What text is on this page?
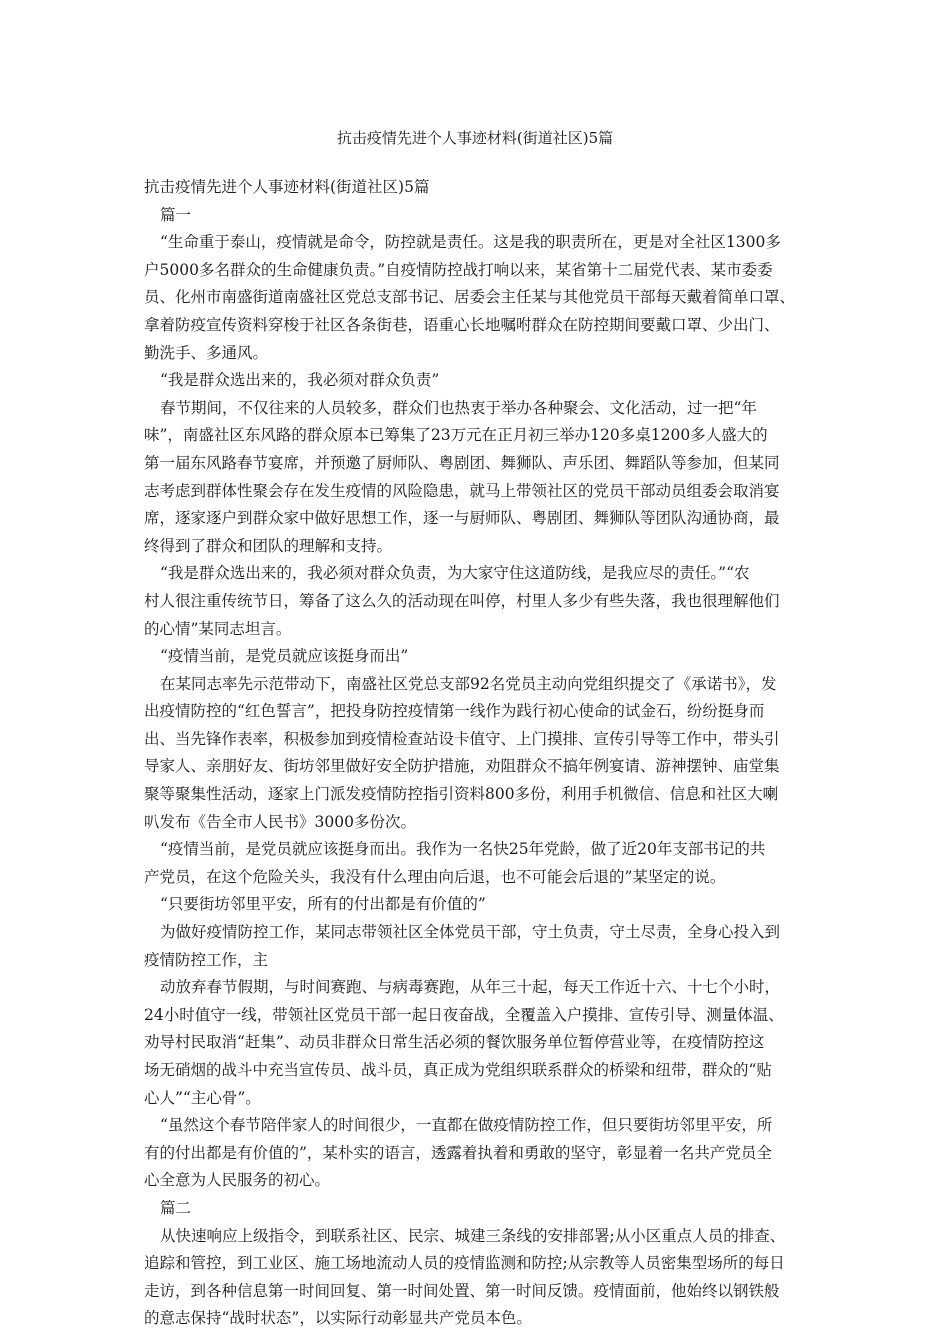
抗击疫情先进个人事迹材料(街道社区)5篇

抗击疫情先进个人事迹材料(街道社区)5篇

篇一

“生命重于泰山，疫情就是命令，防控就是责任。这是我的职责所在，更是对全社区1300多

户5000多名群众的生命健康负责。”自疫情防控战打响以来，某省第十二届党代表、某市委委

员、化州市南盛街道南盛社区党总支部书记、居委会主任某与其他党员干部每天戴着简单口罩、

拿着防疫宣传资料穿梭于社区各条街巷，语重心长地嘱咐群众在防控期间要戴口罩、少出门、

勤洗手、多通风。

“我是群众选出来的，我必须对群众负责”

春节期间，不仅往来的人员较多，群众们也热衷于举办各种聚会、文化活动，过一把“年

味”，南盛社区东风路的群众原本已筹集了23万元在正月初三举办120多桌1200多人盛大的

第一届东风路春节宴席，并预邀了厨师队、粤剧团、舞狮队、声乐团、舞蹈队等参加，但某同

志考虑到群体性聚会存在发生疫情的风险隐患，就马上带领社区的党员干部动员组委会取消宴

席，逐家逐户到群众家中做好思想工作，逐一与厨师队、粤剧团、舞狮队等团队沟通协商，最

终得到了群众和团队的理解和支持。

“我是群众选出来的，我必须对群众负责，为大家守住这道防线，是我应尽的责任。”“农

村人很注重传统节日，筹备了这么久的活动现在叫停，村里人多少有些失落，我也很理解他们

的心情”某同志坦言。

“疫情当前，是党员就应该挺身而出”

在某同志率先示范带动下，南盛社区党总支部92名党员主动向党组织提交了《承诺书》，发

出疫情防控的“红色誓言”，把投身防控疫情第一线作为践行初心使命的试金石，纷纷挺身而

出、当先锋作表率，积极参加到疫情检查站设卡值守、上门摸排、宣传引导等工作中，带头引

导家人、亲朋好友、街坊邻里做好安全防护措施，劝阻群众不搞年例宴请、游神摆钟、庙堂集

聚等聚集性活动，逐家上门派发疫情防控指引资料800多份，利用手机微信、信息和社区大喇

叭发布《告全市人民书》3000多份次。

“疫情当前，是党员就应该挺身而出。我作为一名快25年党龄，做了近20年支部书记的共

产党员，在这个危险关头，我没有什么理由向后退，也不可能会后退的”某坚定的说。

“只要街坊邻里平安，所有的付出都是有价值的”

为做好疫情防控工作，某同志带领社区全体党员干部，守土负责，守土尽责，全身心投入到

疫情防控工作，主

动放弃春节假期，与时间赛跑、与病毒赛跑，从年三十起，每天工作近十六、十七个小时，

24小时值守一线，带领社区党员干部一起日夜奋战，全覆盖入户摸排、宣传引导、测量体温、

劝导村民取消“赶集”、动员非群众日常生活必须的餐饮服务单位暂停营业等，在疫情防控这

场无硝烟的战斗中充当宣传员、战斗员，真正成为党组织联系群众的桥梁和纽带，群众的“贴

心人”“主心骨”。

“虽然这个春节陪伴家人的时间很少，一直都在做疫情防控工作，但只要街坊邻里平安，所

有的付出都是有价值的”，某朴实的语言，透露着执着和勇敢的坚守，彰显着一名共产党员全

心全意为人民服务的初心。

篇二

从快速响应上级指令，到联系社区、民宗、城建三条线的安排部署;从小区重点人员的排查、

追踪和管控，到工业区、施工场地流动人员的疫情监测和防控;从宗教等人员密集型场所的每日

走访，到各种信息第一时间回复、第一时间处置、第一时间反馈。疫情面前，他始终以钢铁般

的意志保持“战时状态”，以实际行动彰显共产党员本色。
